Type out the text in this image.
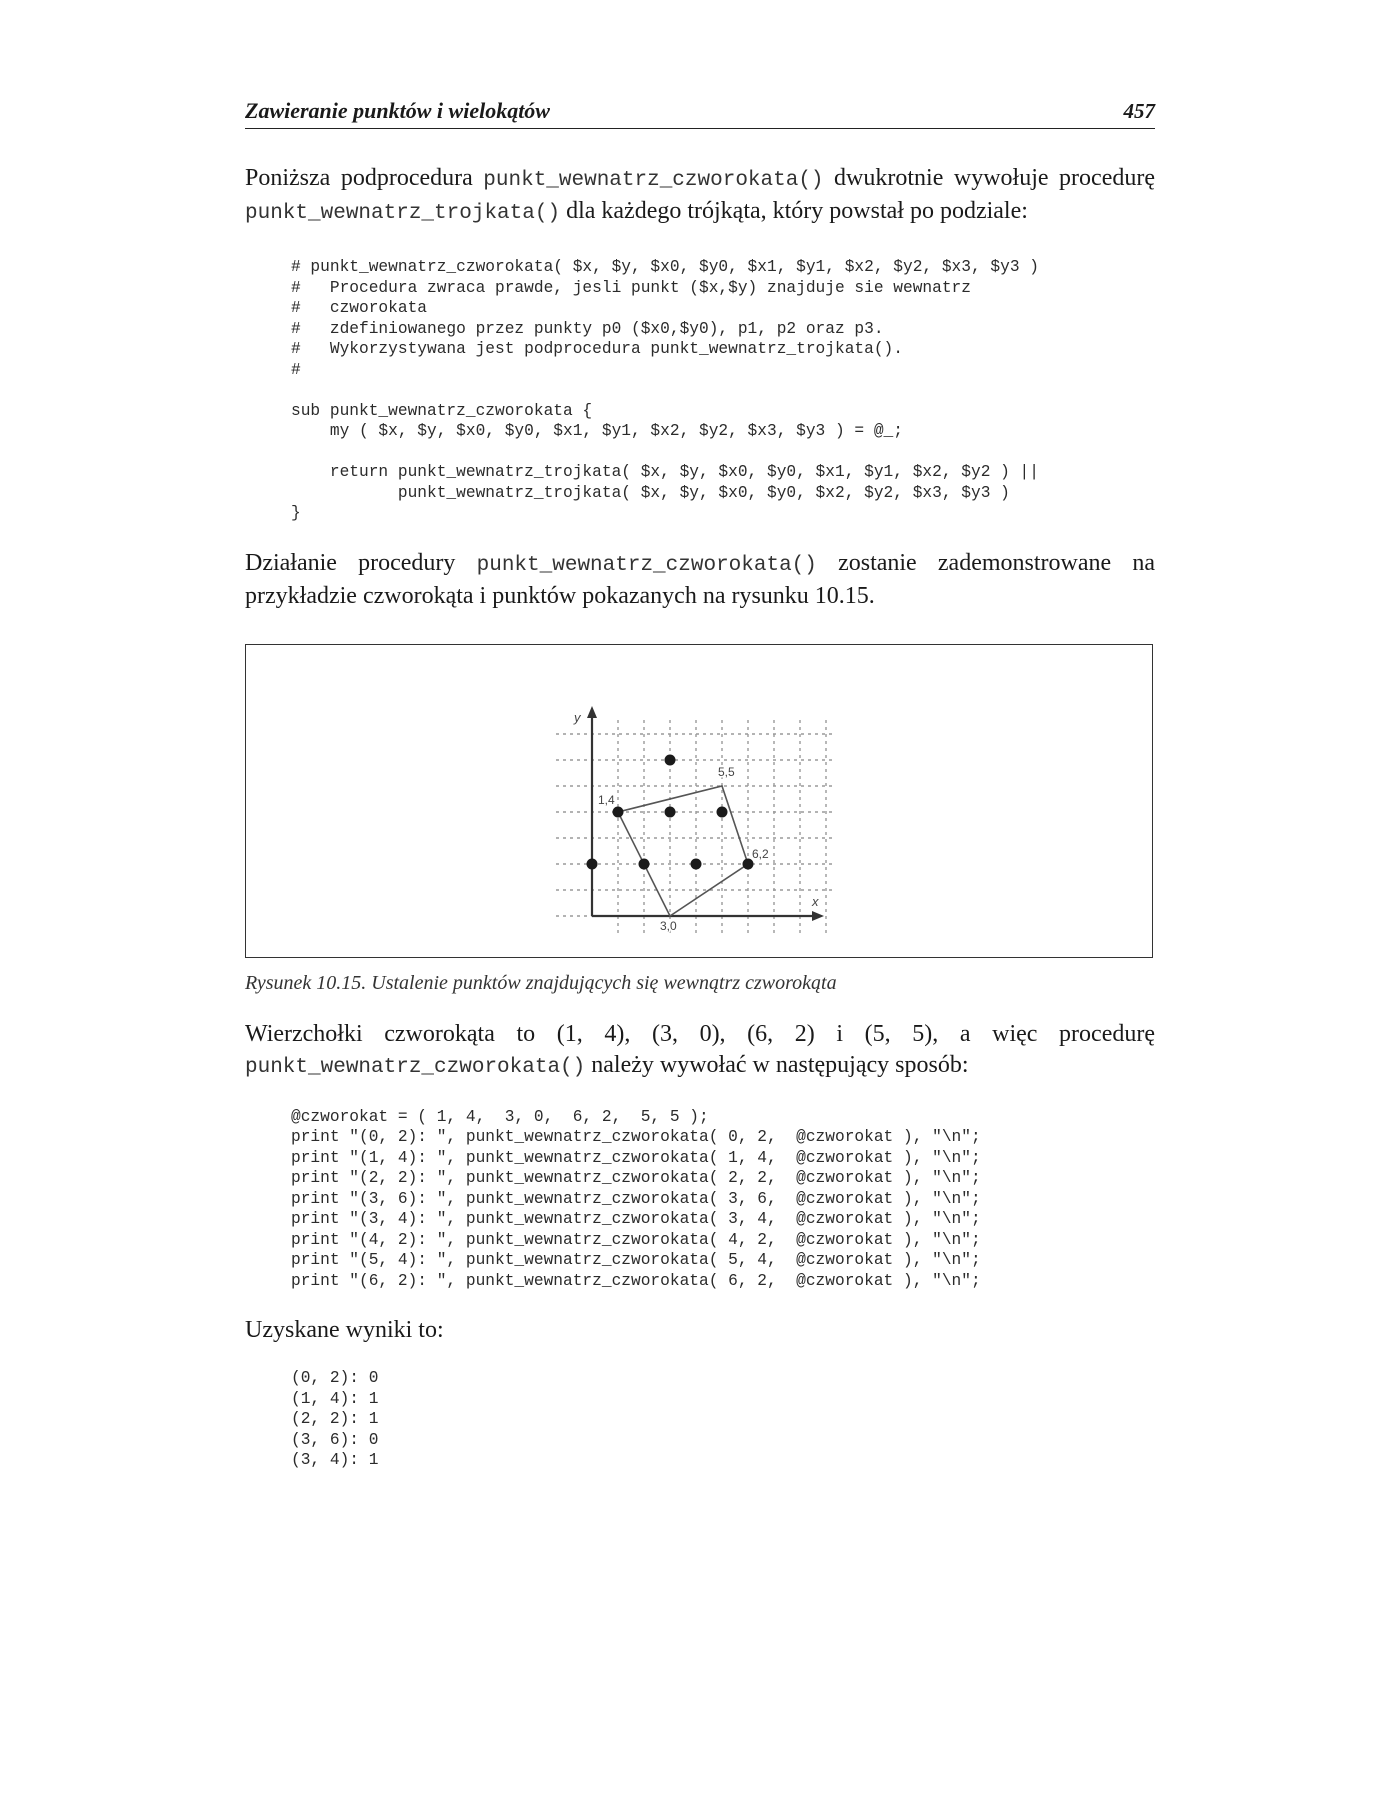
Zawieranie punktów i wielokątów	457

Poniższa podprocedura punkt_wewnatrz_czworokata() dwukrotnie wywołuje procedurę punkt_wewnatrz_trojkata() dla każdego trójkąta, który powstał po podziale:

# punkt_wewnatrz_czworokata( $x, $y, $x0, $y0, $x1, $y1, $x2, $y2, $x3, $y3 )
#   Procedura zwraca prawde, jesli punkt ($x,$y) znajduje sie wewnatrz
#   czworokata
#   zdefiniowanego przez punkty p0 ($x0,$y0), p1, p2 oraz p3.
#   Wykorzystywana jest podprocedura punkt_wewnatrz_trojkata().
#

sub punkt_wewnatrz_czworokata {
my ( $x, $y, $x0, $y0, $x1, $y1, $x2, $y2, $x3, $y3 ) = @_;

return punkt_wewnatrz_trojkata( $x, $y, $x0, $y0, $x1, $y1, $x2, $y2 ) ||
punkt_wewnatrz_trojkata( $x, $y, $x0, $y0, $x2, $y2, $x3, $y3 )
}

Działanie procedury punkt_wewnatrz_czworokata() zostanie zademonstrowane na przykładzie czworokąta i punktów pokazanych na rysunku 10.15.

y
x
1,4
5,5
6,2
3,0

Rysunek 10.15. Ustalenie punktów znajdujących się wewnątrz czworokąta

Wierzchołki czworokąta to (1, 4), (3, 0), (6, 2) i (5, 5), a więc procedurę punkt_wewnatrz_czworokata() należy wywołać w następujący sposób:

@czworokat = ( 1, 4,  3, 0,  6, 2,  5, 5 );
print "(0, 2): ", punkt_wewnatrz_czworokata( 0, 2,  @czworokat ), "\n";
print "(1, 4): ", punkt_wewnatrz_czworokata( 1, 4,  @czworokat ), "\n";
print "(2, 2): ", punkt_wewnatrz_czworokata( 2, 2,  @czworokat ), "\n";
print "(3, 6): ", punkt_wewnatrz_czworokata( 3, 6,  @czworokat ), "\n";
print "(3, 4): ", punkt_wewnatrz_czworokata( 3, 4,  @czworokat ), "\n";
print "(4, 2): ", punkt_wewnatrz_czworokata( 4, 2,  @czworokat ), "\n";
print "(5, 4): ", punkt_wewnatrz_czworokata( 5, 4,  @czworokat ), "\n";
print "(6, 2): ", punkt_wewnatrz_czworokata( 6, 2,  @czworokat ), "\n";

Uzyskane wyniki to:

(0, 2): 0
(1, 4): 1
(2, 2): 1
(3, 6): 0
(3, 4): 1
